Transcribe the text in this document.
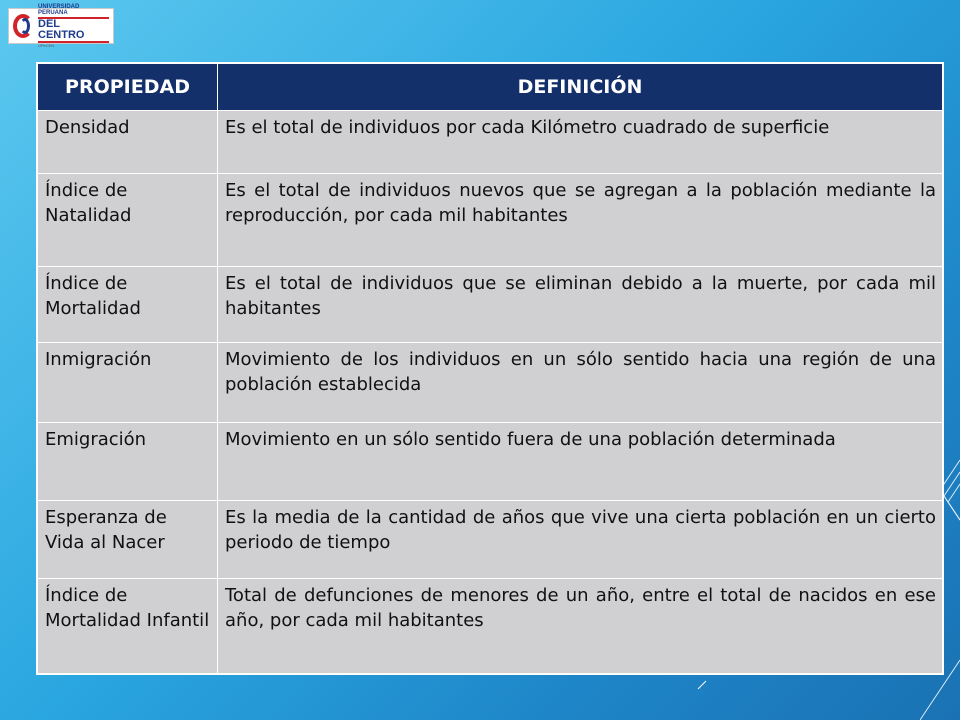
UNIVERSIDAD PERUANA
DEL CENTRO
UPeCEN
PROPIEDAD	DEFINICIÓN
Densidad	Es el total de individuos por cada Kilómetro cuadrado de superficie
Índice de Natalidad	Es el total de individuos nuevos que se agregan a la población mediante la reproducción, por cada mil habitantes
Índice de Mortalidad	Es el total de individuos que se eliminan debido a la muerte, por cada mil habitantes
Inmigración	Movimiento de los individuos en un sólo sentido hacia una región de una población establecida
Emigración	Movimiento en un sólo sentido fuera de una población determinada
Esperanza de Vida al Nacer	Es la media de la cantidad de años que vive una cierta población en un cierto periodo de tiempo
Índice de Mortalidad Infantil	Total de defunciones de menores de un año, entre el total de nacidos en ese año, por cada mil habitantes
